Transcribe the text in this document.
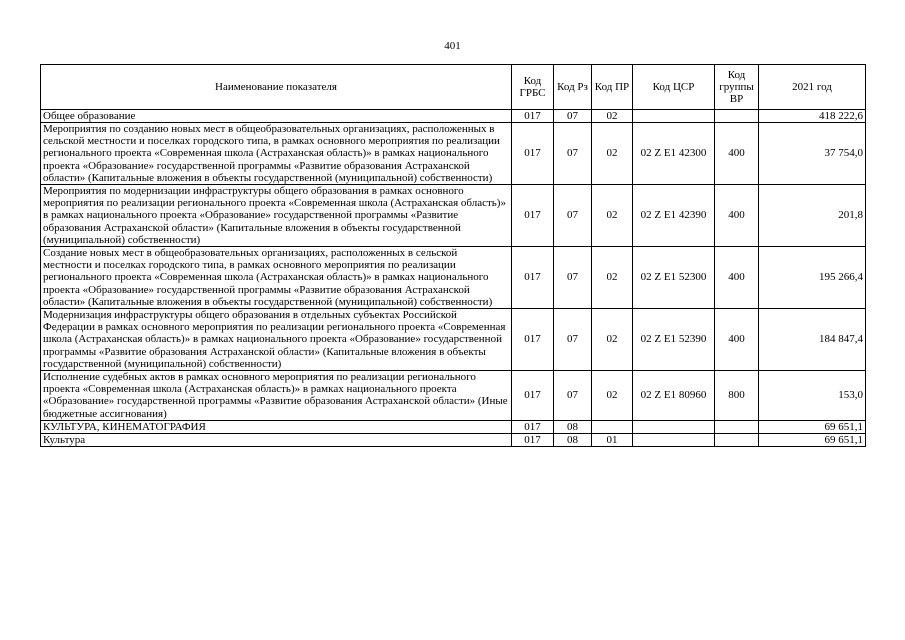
401
Наименование показателя	Код ГРБС	Код Рз	Код ПР	Код ЦСР	Код группы ВР	2021 год
Общее образование	017	07	02			418 222,6
Мероприятия по созданию новых мест в общеобразовательных организациях, расположенных в сельской местности и поселках городского типа, в рамках основного мероприятия по реализации регионального проекта «Современная школа (Астраханская область)» в рамках национального проекта «Образование» государственной программы «Развитие образования Астраханской области» (Капитальные вложения в объекты государственной (муниципальной) собственности)	017	07	02	02 Z E1 42300	400	37 754,0
Мероприятия по модернизации инфраструктуры общего образования в рамках основного мероприятия по реализации регионального проекта «Современная школа (Астраханская область)» в рамках национального проекта «Образование» государственной программы «Развитие образования Астраханской области» (Капитальные вложения в объекты государственной (муниципальной) собственности)	017	07	02	02 Z E1 42390	400	201,8
Создание новых мест в общеобразовательных организациях, расположенных в сельской местности и поселках городского типа, в рамках основного мероприятия по реализации регионального проекта «Современная школа (Астраханская область)» в рамках национального проекта «Образование» государственной программы «Развитие образования Астраханской области» (Капитальные вложения в объекты государственной (муниципальной) собственности)	017	07	02	02 Z E1 52300	400	195 266,4
Модернизация инфраструктуры общего образования в отдельных субъектах Российской Федерации в рамках основного мероприятия по реализации регионального проекта «Современная школа (Астраханская область)» в рамках национального проекта «Образование» государственной программы «Развитие образования Астраханской области» (Капитальные вложения в объекты государственной (муниципальной) собственности)	017	07	02	02 Z E1 52390	400	184 847,4
Исполнение судебных актов в рамках основного мероприятия по реализации регионального проекта «Современная школа (Астраханская область)» в рамках национального проекта «Образование» государственной программы «Развитие образования Астраханской области» (Иные бюджетные ассигнования)	017	07	02	02 Z E1 80960	800	153,0
КУЛЬТУРА, КИНЕМАТОГРАФИЯ	017	08				69 651,1
Культура	017	08	01			69 651,1
